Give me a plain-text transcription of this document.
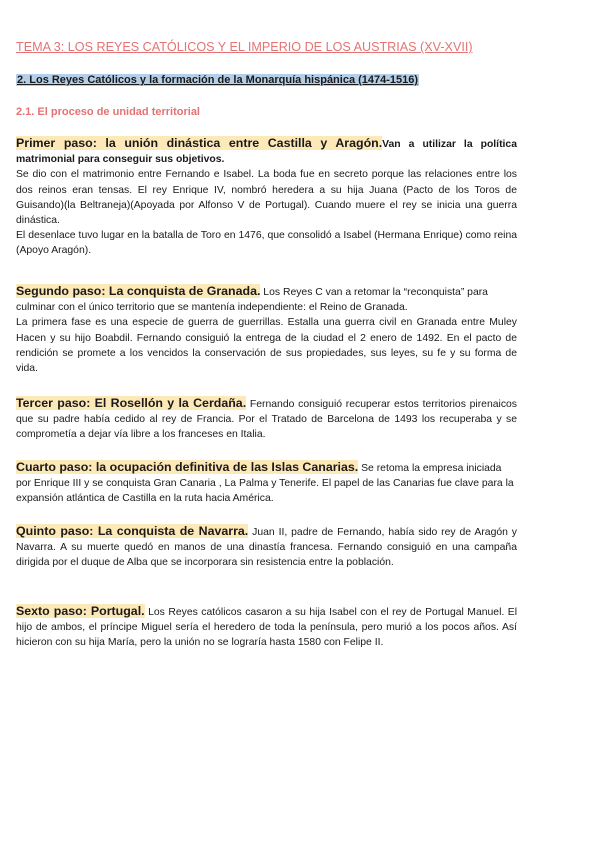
TEMA 3: LOS REYES CATÓLICOS Y EL IMPERIO DE LOS AUSTRIAS (XV-XVII)
2. Los Reyes Católicos y la formación de la Monarquía hispánica (1474-1516)
2.1. El proceso de unidad territorial

Primer paso: la unión dinástica entre Castilla y Aragón.Van a utilizar la política matrimonial para conseguir sus objetivos.

Se dio con el matrimonio entre Fernando e Isabel. La boda fue en secreto porque las relaciones entre los dos reinos eran tensas. El rey Enrique IV, nombró heredera a su hija Juana (Pacto de los Toros de Guisando)(la Beltraneja)(Apoyada por Alfonso V de Portugal). Cuando muere el rey se inicia una guerra dinástica.

El desenlace tuvo lugar en la batalla de Toro en 1476, que consolidó a Isabel (Hermana Enrique) como reina (Apoyo Aragón).

Segundo paso: La conquista de Granada. Los Reyes C van a retomar la “reconquista” para culminar con el único territorio que se mantenía independiente: el Reino de Granada.

La primera fase es una especie de guerra de guerrillas. Estalla una guerra civil en Granada entre Muley Hacen y su hijo Boabdil. Fernando consiguió la entrega de la ciudad el 2 enero de 1492. En el pacto de rendición se promete a los vencidos la conservación de sus propiedades, sus leyes, su fe y su forma de vida.

Tercer paso: El Rosellón y la Cerdaña. Fernando consiguió recuperar estos territorios pirenaicos que su padre había cedido al rey de Francia. Por el Tratado de Barcelona de 1493 los recuperaba y se comprometía a dejar vía libre a los franceses en Italia.

Cuarto paso: la ocupación definitiva de las Islas Canarias. Se retoma la empresa iniciada por Enrique III y se conquista Gran Canaria , La Palma y Tenerife. El papel de las Canarias fue clave para la expansión atlántica de Castilla en la ruta hacia América.

Quinto paso: La conquista de Navarra. Juan II, padre de Fernando, había sido rey de Aragón y Navarra. A su muerte quedó en manos de una dinastía francesa. Fernando consiguió en una campaña dirigida por el duque de Alba que se incorporara sin resistencia entre la población.

Sexto paso: Portugal. Los Reyes católicos casaron a su hija Isabel con el rey de Portugal Manuel. El hijo de ambos, el príncipe Miguel sería el heredero de toda la península, pero murió a los pocos años. Así hicieron con su hija María, pero la unión no se lograría hasta 1580 con Felipe II.
